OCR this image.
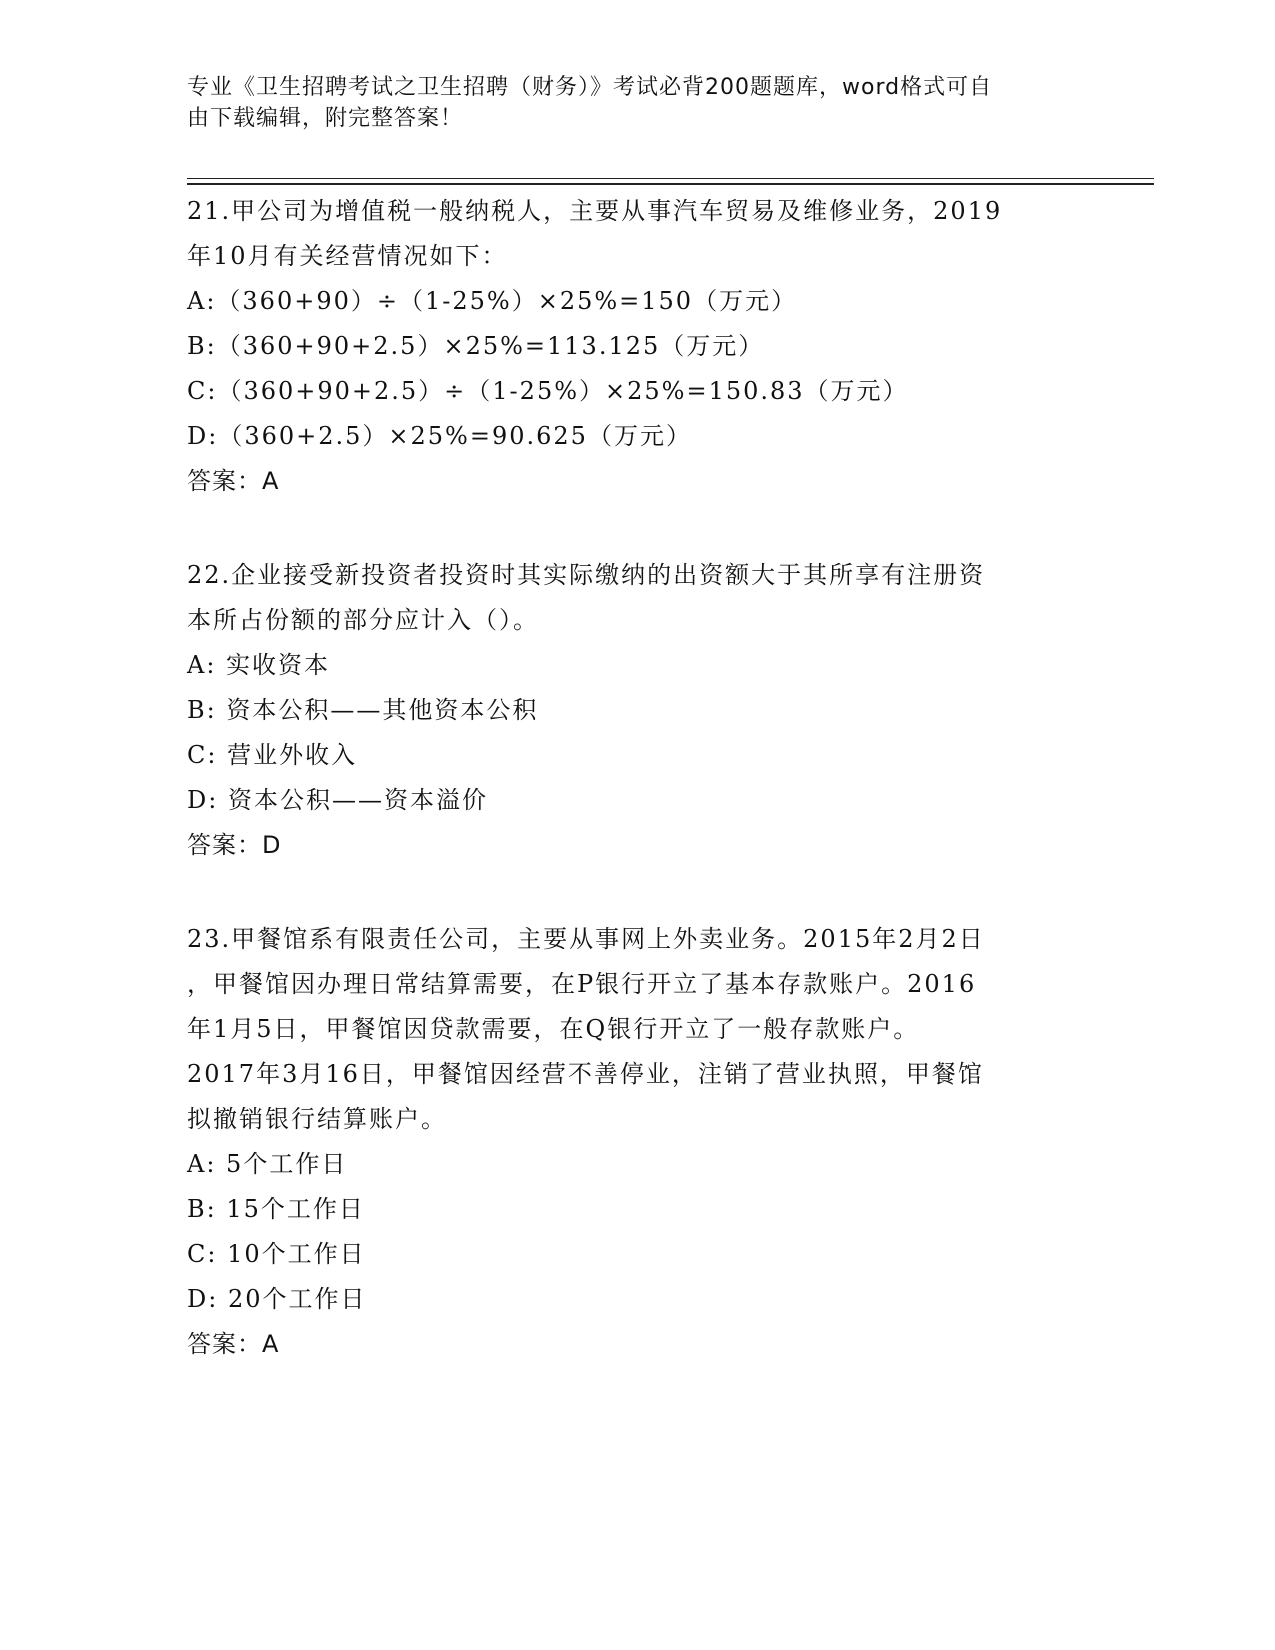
专业《卫生招聘考试之卫生招聘（财务）》考试必背200题题库，word格式可自
由下载编辑，附完整答案！
21.甲公司为增值税一般纳税人，主要从事汽车贸易及维修业务，2019
年10月有关经营情况如下：
A:（360+90）÷（1-25%）×25%=150（万元）
B:（360+90+2.5）×25%=113.125（万元）
C:（360+90+2.5）÷（1-25%）×25%=150.83（万元）
D:（360+2.5）×25%=90.625（万元）
答案：A
22.企业接受新投资者投资时其实际缴纳的出资额大于其所享有注册资
本所占份额的部分应计入（）。
A: 实收资本
B: 资本公积——其他资本公积
C: 营业外收入
D: 资本公积——资本溢价
答案：D
23.甲餐馆系有限责任公司，主要从事网上外卖业务。2015年2月2日
，甲餐馆因办理日常结算需要，在P银行开立了基本存款账户。2016
年1月5日，甲餐馆因贷款需要，在Q银行开立了一般存款账户。
2017年3月16日，甲餐馆因经营不善停业，注销了营业执照，甲餐馆
拟撤销银行结算账户。
A: 5个工作日
B: 15个工作日
C: 10个工作日
D: 20个工作日
答案：A
